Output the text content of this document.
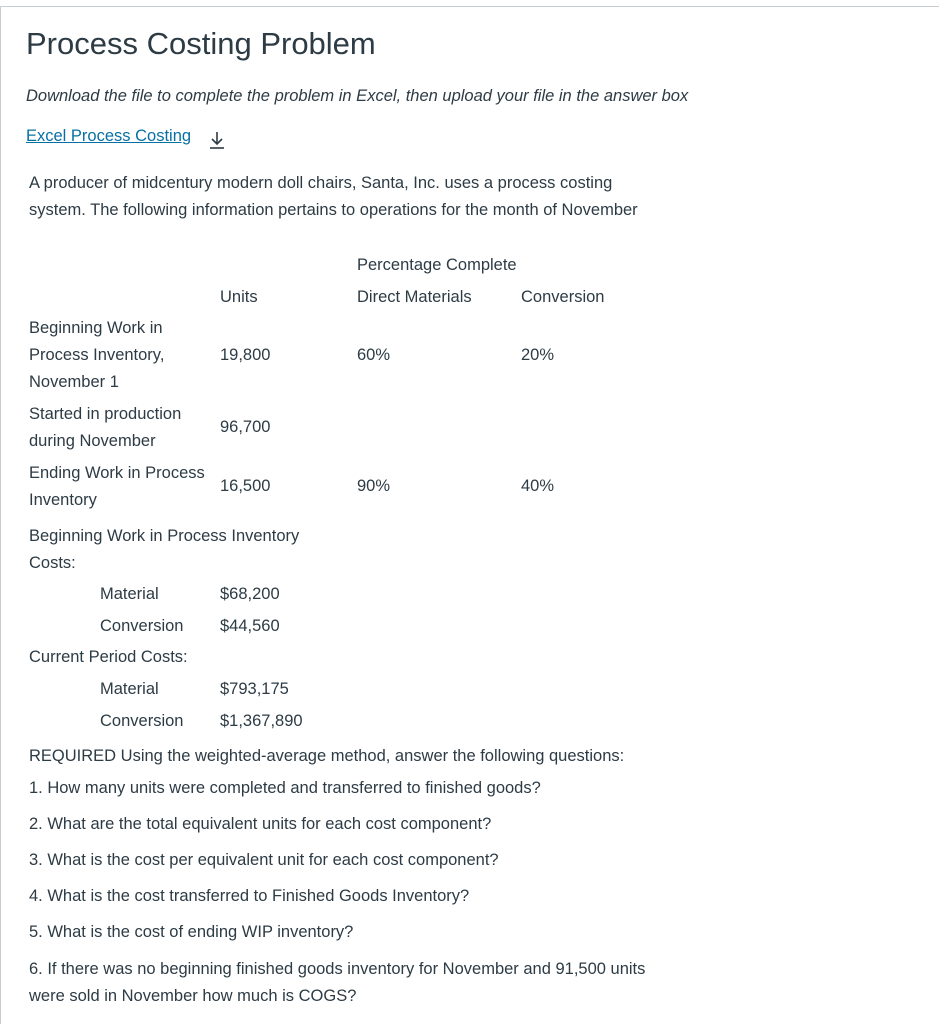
Process Costing Problem
Download the file to complete the problem in Excel, then upload your file in the answer box
Excel Process Costing
A producer of midcentury modern doll chairs, Santa, Inc. uses a process costing system. The following information pertains to operations for the month of November
Percentage Complete
Units	Direct Materials	Conversion
Beginning Work in
Process Inventory,
November 1
19,800	60%	20%
Started in production
during November
96,700
Ending Work in Process
Inventory
16,500	90%	40%
Beginning Work in Process Inventory
Costs:
Material	$68,200
Conversion $44,560
Current Period Costs:
Material	$793,175
Conversion $1,367,890
REQUIRED Using the weighted-average method, answer the following questions:
1. How many units were completed and transferred to finished goods?
2. What are the total equivalent units for each cost component?
3. What is the cost per equivalent unit for each cost component?
4. What is the cost transferred to Finished Goods Inventory?
5. What is the cost of ending WIP inventory?
6. If there was no beginning finished goods inventory for November and 91,500 units were sold in November how much is COGS?
